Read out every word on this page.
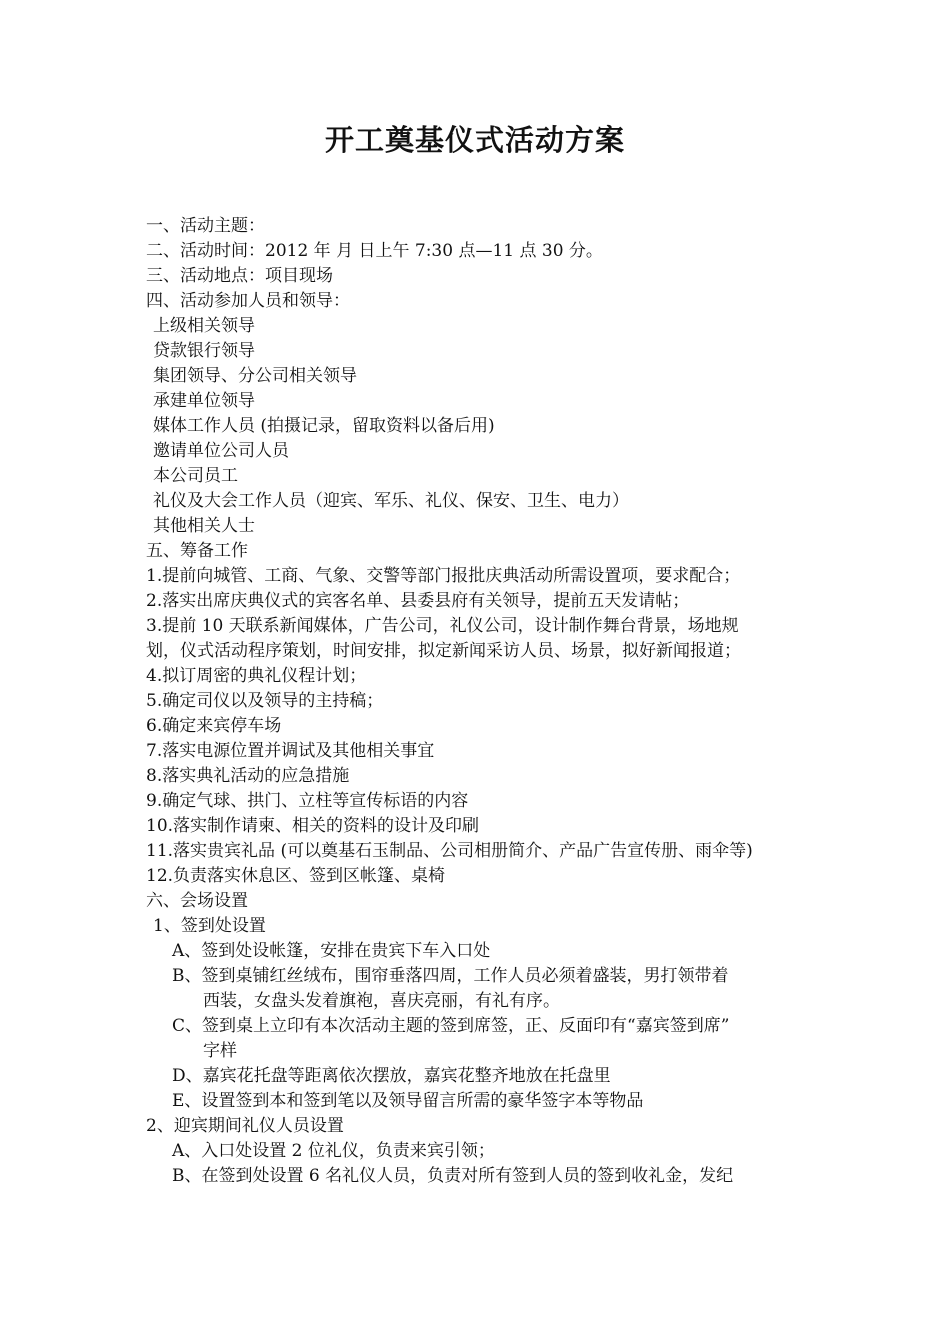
开工奠基仪式活动方案
一、活动主题：
二、活动时间：2012 年 月 日上午 7:30 点—11 点 30 分。
三、活动地点：项目现场
四、活动参加人员和领导：
上级相关领导
贷款银行领导
集团领导、分公司相关领导
承建单位领导
媒体工作人员 (拍摄记录，留取资料以备后用)
邀请单位公司人员
本公司员工
礼仪及大会工作人员（迎宾、军乐、礼仪、保安、卫生、电力）
其他相关人士
五、筹备工作
1.提前向城管、工商、气象、交警等部门报批庆典活动所需设置项，要求配合；
2.落实出席庆典仪式的宾客名单、县委县府有关领导，提前五天发请帖；
3.提前 10 天联系新闻媒体，广告公司，礼仪公司，设计制作舞台背景，场地规
划，仪式活动程序策划，时间安排，拟定新闻采访人员、场景，拟好新闻报道；
4.拟订周密的典礼仪程计划；
5.确定司仪以及领导的主持稿；
6.确定来宾停车场
7.落实电源位置并调试及其他相关事宜
8.落实典礼活动的应急措施
9.确定气球、拱门、立柱等宣传标语的内容
10.落实制作请柬、相关的资料的设计及印刷
11.落实贵宾礼品 (可以奠基石玉制品、公司相册简介、产品广告宣传册、雨伞等)
12.负责落实休息区、签到区帐篷、桌椅
六、会场设置
1、签到处设置
A、签到处设帐篷，安排在贵宾下车入口处
B、签到桌铺红丝绒布，围帘垂落四周，工作人员必须着盛装，男打领带着
西装，女盘头发着旗袍，喜庆亮丽，有礼有序。
C、签到桌上立印有本次活动主题的签到席签，正、反面印有“嘉宾签到席”
字样
D、嘉宾花托盘等距离依次摆放，嘉宾花整齐地放在托盘里
E、设置签到本和签到笔以及领导留言所需的豪华签字本等物品
2、迎宾期间礼仪人员设置
A、入口处设置 2 位礼仪，负责来宾引领；
B、在签到处设置 6 名礼仪人员，负责对所有签到人员的签到收礼金，发纪
